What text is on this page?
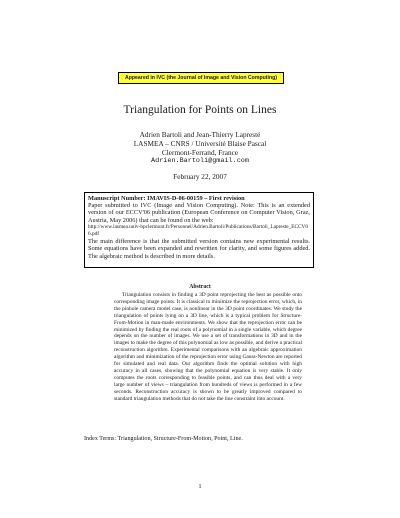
Appeared in IVC (the Journal of Image and Vision Computing)
Triangulation for Points on Lines
Adrien Bartoli and Jean-Thierry Lapresté
LASMEA – CNRS / Université Blaise Pascal
Clermont-Ferrand, France
Adrien.Bartoli@gmail.com
February 22, 2007
Manuscript Number: IMAVIS-D-06-00159 – First revision
Paper submitted to IVC (Image and Vision Computing). Note: This is an extended version of our ECCV'06 publication (European Conference on Computer Vision, Graz, Austria, May 2006) that can be found on the web:
http://www.lasmea.univ-bpclermont.fr/Personnel/Adrien.Bartoli/Publications/Bartoli_Lapreste_ECCV06.pdf
The main difference is that the submitted version contains new experimental results. Some equations have been expanded and rewritten for clarity, and some figures added. The algebraic method is described in more details.
Abstract
Triangulation consists in finding a 3D point reprojecting the best as possible onto corresponding image points. It is classical to minimize the reprojection error, which, in the pinhole camera model case, is nonlinear in the 3D point coordinates. We study the triangulation of points lying on a 3D line, which is a typical problem for Structure-From-Motion in man-made environments. We show that the reprojection error can be minimized by finding the real roots of a polynomial in a single variable, which degree depends on the number of images. We use a set of transformations in 3D and in the images to make the degree of this polynomial as low as possible, and derive a practical reconstruction algorithm. Experimental comparisons with an algebraic approximation algorithm and minimization of the reprojection error using Gauss-Newton are reported for simulated and real data. Our algorithm finds the optimal solution with high accuracy in all cases, showing that the polynomial equation is very stable. It only computes the roots corresponding to feasible points, and can thus deal with a very large number of views – triangulation from hundreds of views is performed in a few seconds. Reconstruction accuracy is shown to be greatly improved compared to standard triangulation methods that do not take the line constraint into account.
Index Terms: Triangulation, Structure-From-Motion, Point, Line.
1
